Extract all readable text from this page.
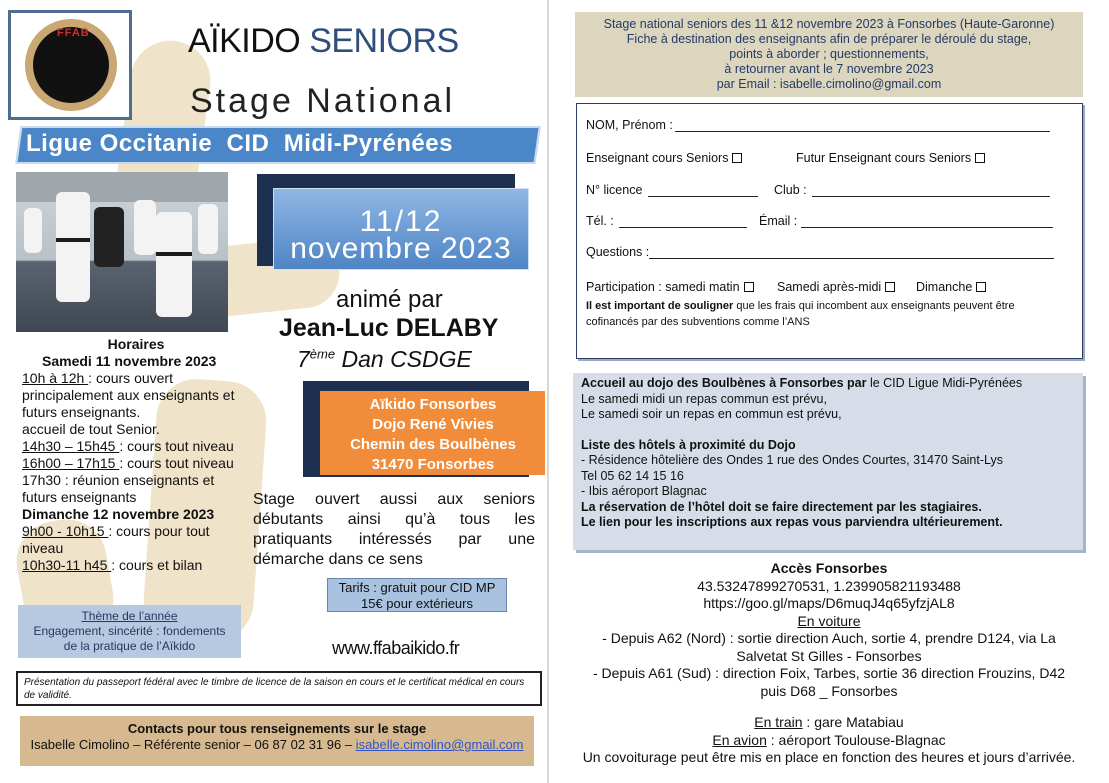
FFAB	AÏKIDO SENIORS
Stage National
Ligue Occitanie  CID  Midi-Pyrénées
11/12
novembre 2023
animé par
Jean-Luc DELABY
7ème Dan CSDGE
Aïkido Fonsorbes
Dojo René Vivies
Chemin des Boulbènes
31470 Fonsorbes
Horaires
Samedi 11 novembre 2023
10h à 12h : cours ouvert principalement aux enseignants et futurs enseignants.
accueil de tout Senior.
14h30 – 15h45 : cours tout niveau
16h00 – 17h15 : cours tout niveau
17h30 : réunion enseignants et futurs enseignants
Dimanche 12 novembre 2023
9h00 - 10h15 : cours pour tout niveau
10h30-11 h45 : cours et bilan
Stage ouvert aussi aux seniors débutants ainsi qu’à tous les pratiquants intéressés par une démarche dans ce sens
Tarifs : gratuit pour CID MP
15€ pour extérieurs
Thème de l’année
Engagement, sincérité : fondements
de la pratique de l’Aïkido	www.ffabaikido.fr
Présentation du passeport fédéral avec le timbre de licence de la saison en cours et le certificat médical en cours de validité.
Contacts pour tous renseignements sur le stage
Isabelle Cimolino – Référente senior – 06 87 02 31 96 – isabelle.cimolino@gmail.com
Stage national seniors des 11 &12 novembre 2023 à Fonsorbes (Haute-Garonne)
Fiche à destination des enseignants afin de préparer le déroulé du stage,
points à aborder ; questionnements,
à retourner avant le 7 novembre 2023
par Email : isabelle.cimolino@gmail.com
NOM, Prénom :
Enseignant cours Seniors	Futur Enseignant cours Seniors
N° licence	Club :
Tél. :	Émail :
Questions :
Participation : samedi matin	Samedi après-midi	Dimanche
Il est important de souligner que les frais qui incombent aux enseignants peuvent être cofinancés par des subventions comme l’ANS
Accueil au dojo des Boulbènes à Fonsorbes par le CID Ligue Midi-Pyrénées
Le samedi midi un repas commun est prévu,
Le samedi soir un repas en commun est prévu,
Liste des hôtels à proximité du Dojo
- Résidence hôtelière des Ondes 1 rue des Ondes Courtes, 31470 Saint-Lys
Tel 05 62 14 15 16
- Ibis aéroport Blagnac
La réservation de l’hôtel doit se faire directement par les stagiaires.
Le lien pour les inscriptions aux repas vous parviendra ultérieurement.
Accès Fonsorbes
43.53247899270531, 1.239905821193488
https://goo.gl/maps/D6muqJ4q65yfzjAL8
En voiture
- Depuis A62 (Nord) : sortie direction Auch, sortie 4, prendre D124, via La Salvetat St Gilles - Fonsorbes
- Depuis A61 (Sud) : direction Foix, Tarbes, sortie 36 direction Frouzins, D42 puis D68 _ Fonsorbes
En train : gare Matabiau
En avion : aéroport Toulouse-Blagnac
Un covoiturage peut être mis en place en fonction des heures et jours d’arrivée.
